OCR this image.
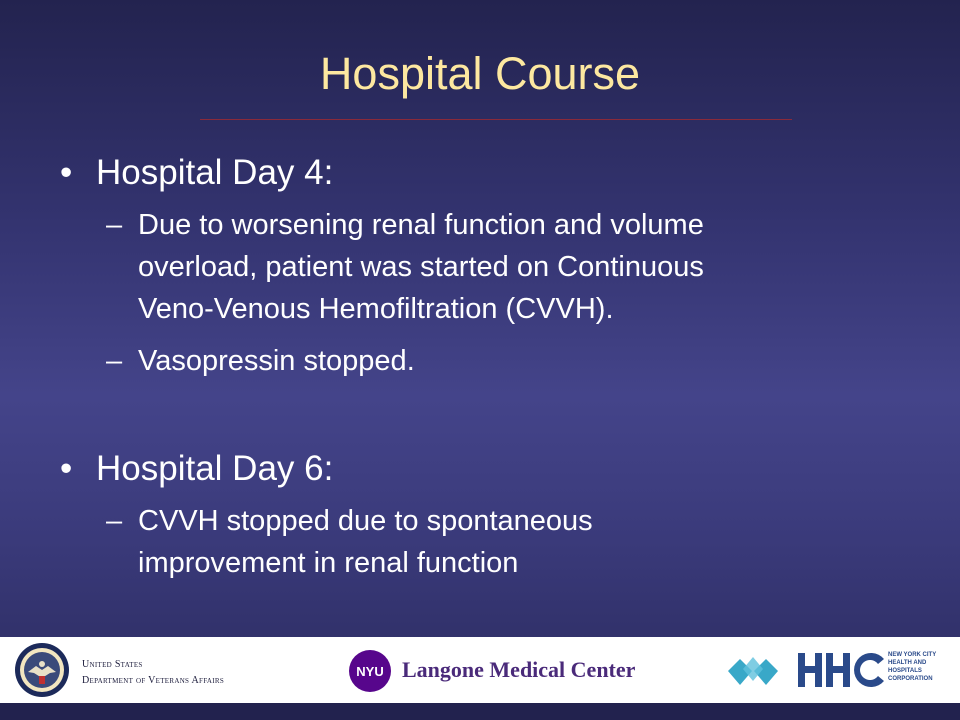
Hospital Course
• Hospital Day 4:
– Due to worsening renal function and volume
overload, patient was started on Continuous
Veno-Venous Hemofiltration (CVVH).
– Vasopressin stopped.
• Hospital Day 6:
– CVVH stopped due to spontaneous
improvement in renal function
United States
Department of Veterans Affairs
NYU Langone Medical Center
NEW YORK CITY
HEALTH AND
HOSPITALS
CORPORATION
